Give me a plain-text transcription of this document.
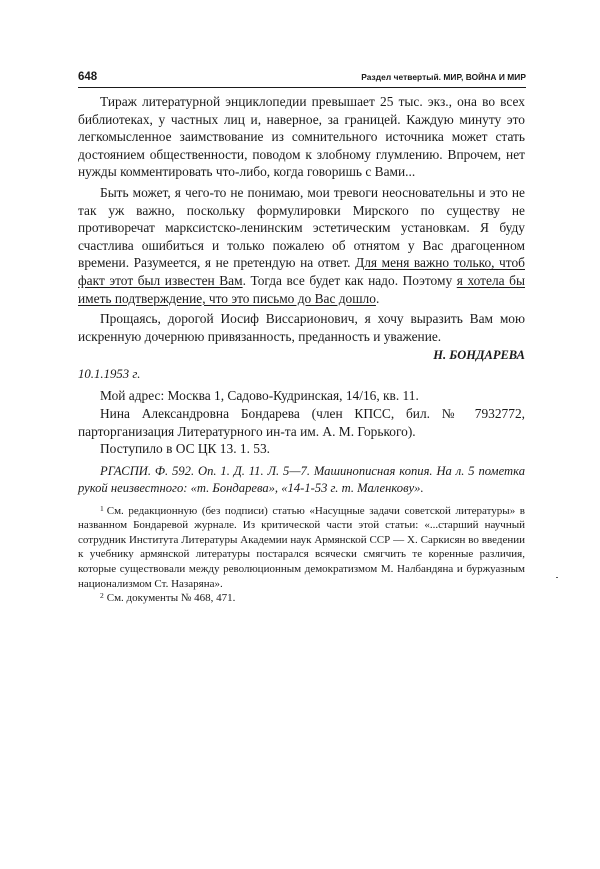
648	Раздел четвертый. МИР, ВОЙНА И МИР

Тираж литературной энциклопедии превышает 25 тыс. экз., она во всех библиотеках, у частных лиц и, наверное, за границей. Каждую минуту это легкомысленное заимствование из сомнительного источника может стать достоянием общественности, поводом к злобному глумлению. Впрочем, нет нужды комментировать что-либо, когда говоришь с Вами...

Быть может, я чего-то не понимаю, мои тревоги неосновательны и это не так уж важно, поскольку формулировки Мирского по существу не противоречат марксистско-ленинским эстетическим установкам. Я буду счастлива ошибиться и только пожалею об отнятом у Вас драгоценном времени. Разумеется, я не претендую на ответ. Для меня важно только, чтоб факт этот был известен Вам. Тогда все будет как надо. Поэтому я хотела бы иметь подтверждение, что это письмо до Вас дошло.

Прощаясь, дорогой Иосиф Виссарионович, я хочу выразить Вам мою искренную дочернюю привязанность, преданность и уважение.

Н. БОНДАРЕВА
10.1.1953 г.

Мой адрес: Москва 1, Садово-Кудринская, 14/16, кв. 11.

Нина Александровна Бондарева (член КПСС, бил. № 7932772, парторганизация Литературного ин-та им. А. М. Горького).

Поступило в ОС ЦК 13. 1. 53.

РГАСПИ. Ф. 592. Оп. 1. Д. 11. Л. 5—7. Машинописная копия. На л. 5 пометка рукой неизвестного: «т. Бондарева», «14-1-53 г. т. Маленкову».

$^1$ См. редакционную (без подписи) статью «Насущные задачи советской литературы» в названном Бондаревой журнале. Из критической части этой статьи: «...старший научный сотрудник Института Литературы Академии наук Армянской ССР — Х. Саркисян во введении к учебнику армянской литературы постарался всячески смягчить те коренные различия, которые существовали между революционным демократизмом М. Налбандяна и буржуазным национализмом Ст. Назаряна».

$^2$ См. документы № 468, 471.
